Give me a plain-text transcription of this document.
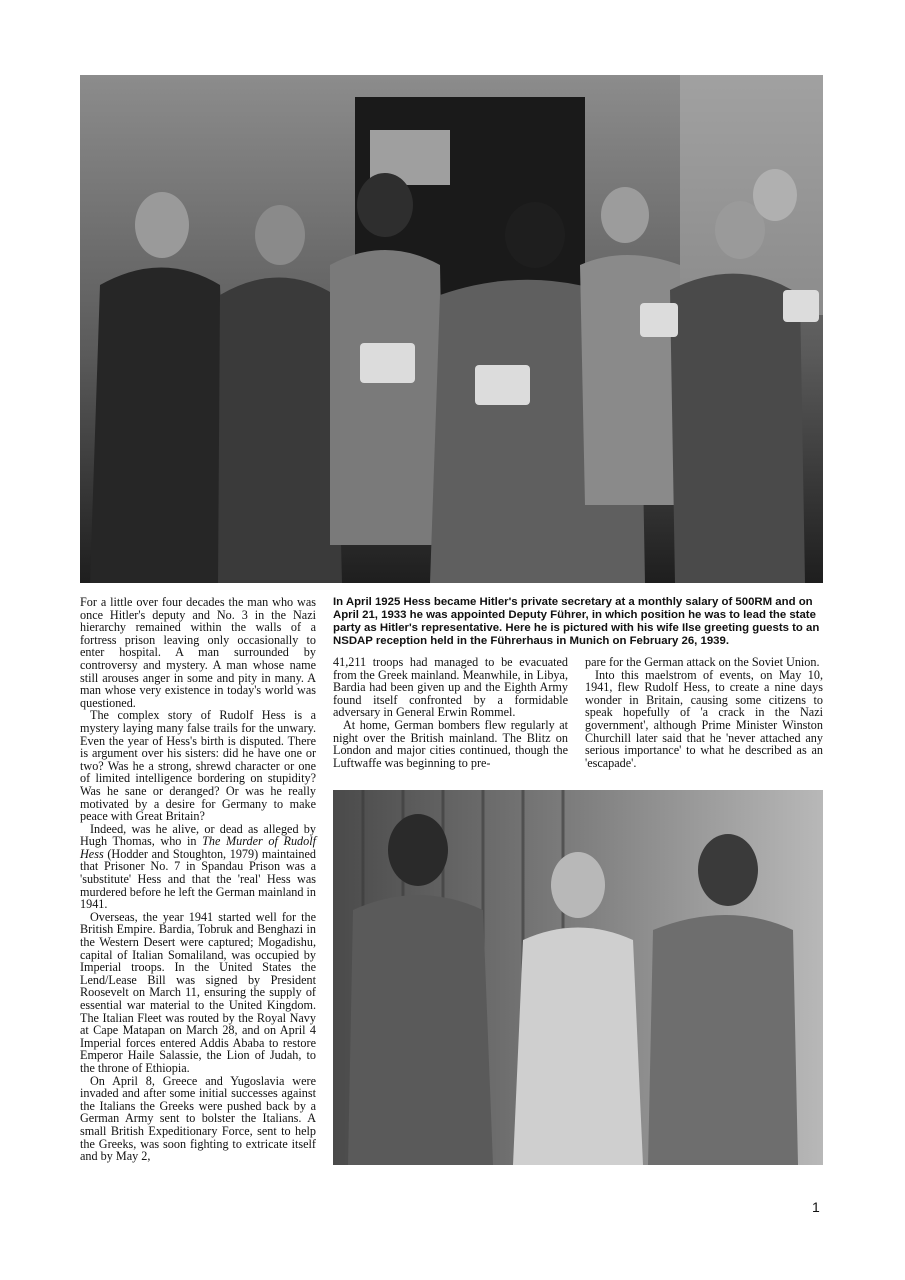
For a little over four decades the man who was once Hitler's deputy and No. 3 in the Nazi hierarchy remained within the walls of a fortress prison leaving only occasionally to enter hospital. A man surrounded by controversy and mystery. A man whose name still arouses anger in some and pity in many. A man whose very existence in today's world was questioned.

The complex story of Rudolf Hess is a mystery laying many false trails for the unwary. Even the year of Hess's birth is disputed. There is argument over his sisters: did he have one or two? Was he a strong, shrewd character or one of limited intelligence bordering on stupidity? Was he sane or deranged? Or was he really motivated by a desire for Germany to make peace with Great Britain?

Indeed, was he alive, or dead as alleged by Hugh Thomas, who in The Murder of Rudolf Hess (Hodder and Stoughton, 1979) maintained that Prisoner No. 7 in Spandau Prison was a 'substitute' Hess and that the 'real' Hess was murdered before he left the German mainland in 1941.

Overseas, the year 1941 started well for the British Empire. Bardia, Tobruk and Benghazi in the Western Desert were captured; Mogadishu, capital of Italian Somaliland, was occupied by Imperial troops. In the United States the Lend/Lease Bill was signed by President Roosevelt on March 11, ensuring the supply of essential war material to the United Kingdom. The Italian Fleet was routed by the Royal Navy at Cape Matapan on March 28, and on April 4 Imperial forces entered Addis Ababa to restore Emperor Haile Salassie, the Lion of Judah, to the throne of Ethiopia.

On April 8, Greece and Yugoslavia were invaded and after some initial successes against the Italians the Greeks were pushed back by a German Army sent to bolster the Italians. A small British Expeditionary Force, sent to help the Greeks, was soon fighting to extricate itself and by May 2,

In April 1925 Hess became Hitler's private secretary at a monthly salary of 500RM and on April 21, 1933 he was appointed Deputy Führer, in which position he was to lead the state party as Hitler's representative. Here he is pictured with his wife Ilse greeting guests to an NSDAP reception held in the Führerhaus in Munich on February 26, 1939.

41,211 troops had managed to be evacuated from the Greek mainland. Meanwhile, in Libya, Bardia had been given up and the Eighth Army found itself confronted by a formidable adversary in General Erwin Rommel.

At home, German bombers flew regularly at night over the British mainland. The Blitz on London and major cities continued, though the Luftwaffe was beginning to pre-

pare for the German attack on the Soviet Union.

Into this maelstrom of events, on May 10, 1941, flew Rudolf Hess, to create a nine days wonder in Britain, causing some citizens to speak hopefully of 'a crack in the Nazi government', although Prime Minister Winston Churchill later said that he 'never attached any serious importance' to what he described as an 'escapade'.

1
